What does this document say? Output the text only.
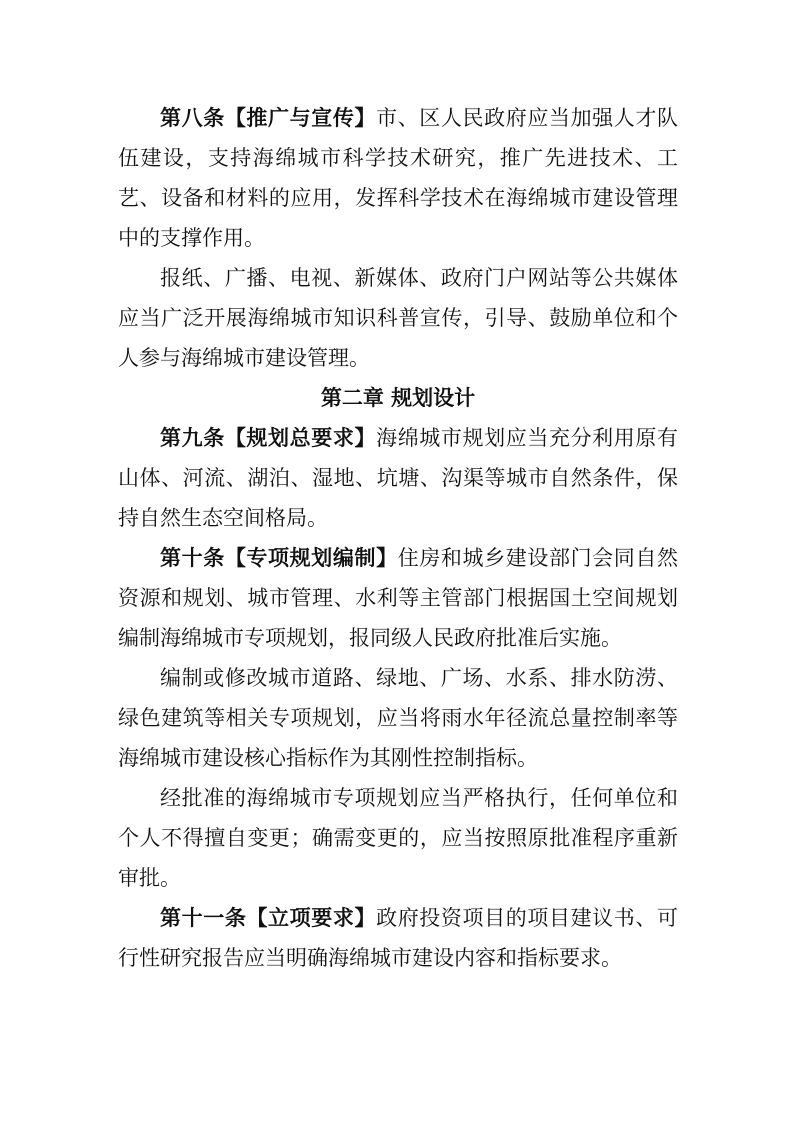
第八条【推广与宣传】市、区人民政府应当加强人才队伍建设，支持海绵城市科学技术研究，推广先进技术、工艺、设备和材料的应用，发挥科学技术在海绵城市建设管理中的支撑作用。

报纸、广播、电视、新媒体、政府门户网站等公共媒体应当广泛开展海绵城市知识科普宣传，引导、鼓励单位和个人参与海绵城市建设管理。

第二章 规划设计

第九条【规划总要求】海绵城市规划应当充分利用原有山体、河流、湖泊、湿地、坑塘、沟渠等城市自然条件，保持自然生态空间格局。

第十条【专项规划编制】住房和城乡建设部门会同自然资源和规划、城市管理、水利等主管部门根据国土空间规划编制海绵城市专项规划，报同级人民政府批准后实施。

编制或修改城市道路、绿地、广场、水系、排水防涝、绿色建筑等相关专项规划，应当将雨水年径流总量控制率等海绵城市建设核心指标作为其刚性控制指标。

经批准的海绵城市专项规划应当严格执行，任何单位和个人不得擅自变更；确需变更的，应当按照原批准程序重新审批。

第十一条【立项要求】政府投资项目的项目建议书、可行性研究报告应当明确海绵城市建设内容和指标要求。
